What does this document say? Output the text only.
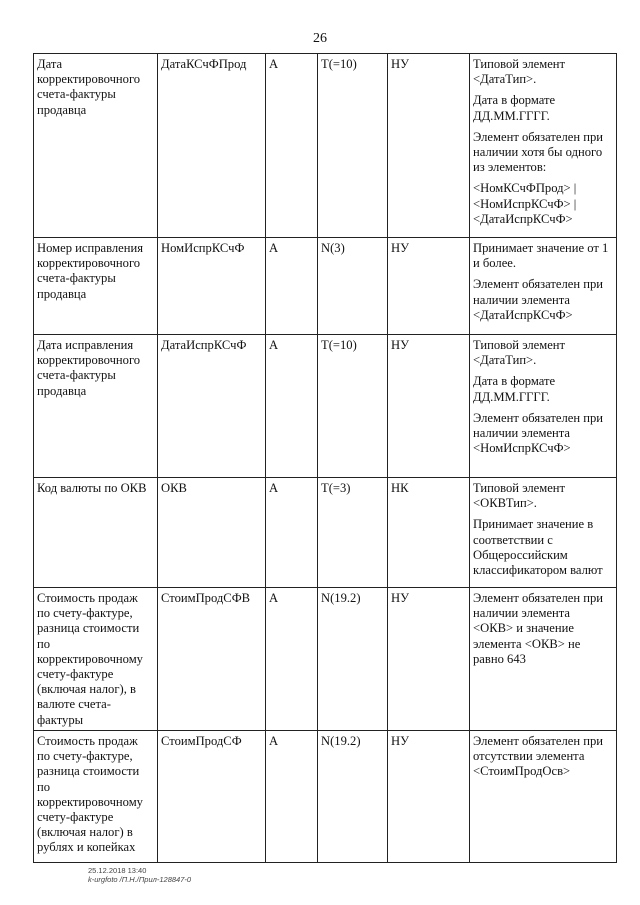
26
Дата корректировочного счета-фактуры продавца	ДатаКСчФПрод	А	T(=10)	НУ	Типовой элемент <ДатаТип>.

Дата в формате ДД.ММ.ГГГГ.

Элемент обязателен при наличии хотя бы одного из элементов:

<НомКСчФПрод> | <НомИспрКСчФ> | <ДатаИспрКСчФ>

Номер исправления корректировочного счета-фактуры продавца	НомИспрКСчФ	А	N(3)	НУ	Принимает значение от 1 и более.

Элемент обязателен при наличии элемента <ДатаИспрКСчФ>

Дата исправления корректировочного счета-фактуры продавца	ДатаИспрКСчФ	А	T(=10)	НУ	Типовой элемент <ДатаТип>.

Дата в формате ДД.ММ.ГГГГ.

Элемент обязателен при наличии элемента <НомИспрКСчФ>

Код валюты по ОКВ	ОКВ	А	T(=3)	НК	Типовой элемент <ОКВТип>.

Принимает значение в соответствии с Общероссийским классификатором валют

Стоимость продаж по счету-фактуре, разница стоимости по корректировочному счету-фактуре (включая налог), в валюте счета-фактуры	СтоимПродСФВ	А	N(19.2)	НУ	Элемент обязателен при наличии элемента <ОКВ> и значение элемента <ОКВ> не равно 643

Стоимость продаж по счету-фактуре, разница стоимости по корректировочному счету-фактуре (включая налог) в рублях и копейках	СтоимПродСФ	А	N(19.2)	НУ	Элемент обязателен при отсутствии элемента <СтоимПродОсв>

25.12.2018 13:40
k-urgfoto /П.Н./Прил-128847-0
